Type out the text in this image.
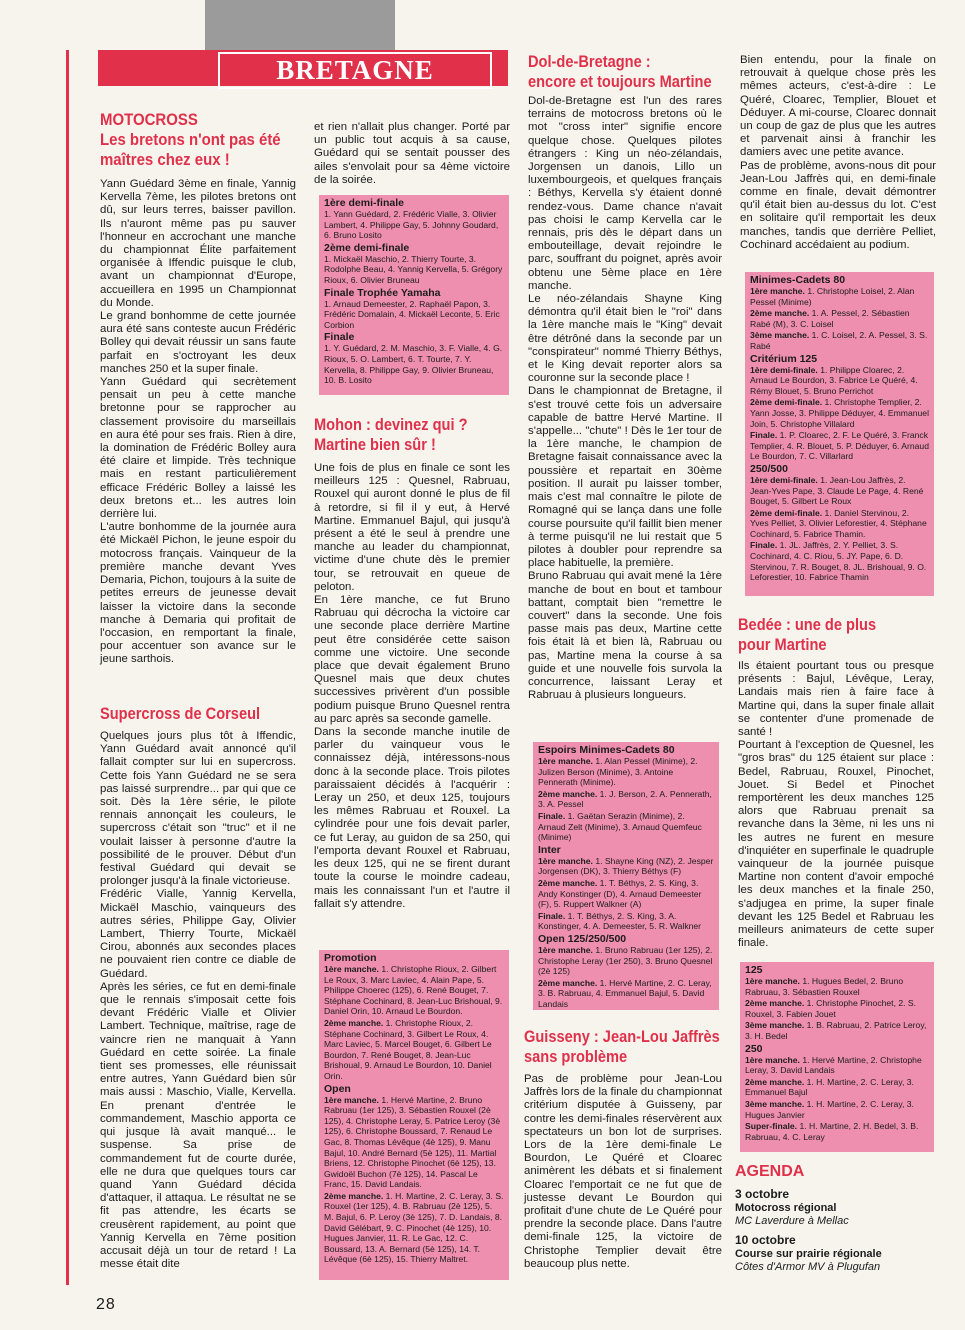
BRETAGNE
MOTOCROSS
Les bretons n'ont pas été maîtres chez eux !

Yann Guédard 3ème en finale, Yannig Kervella 7ème, les pilotes bretons ont dû, sur leurs terres, baisser pavillon. Ils n'auront même pas pu sauver l'honneur en accrochant une manche du championnat Élite parfaitement organisée à Iffendic puisque le club, avant un championnat d'Europe, accueillera en 1995 un Championnat du Monde.

Le grand bonhomme de cette journée aura été sans conteste aucun Frédéric Bolley qui devait réussir un sans faute parfait en s'octroyant les deux manches 250 et la super finale.

Yann Guédard qui secrètement pensait un peu à cette manche bretonne pour se rapprocher au classement provisoire du marseillais en aura été pour ses frais. Rien à dire, la domination de Frédéric Bolley aura été claire et limpide. Très technique mais en restant particulièrement efficace Frédéric Bolley a laissé les deux bretons et... les autres loin derrière lui.

L'autre bonhomme de la journée aura été Mickaël Pichon, le jeune espoir du motocross français. Vainqueur de la première manche devant Yves Demaria, Pichon, toujours à la suite de petites erreurs de jeunesse devait laisser la victoire dans la seconde manche à Demaria qui profitait de l'occasion, en remportant la finale, pour accentuer son avance sur le jeune sarthois.

Supercross de Corseul

Quelques jours plus tôt à Iffendic, Yann Guédard avait annoncé qu'il fallait compter sur lui en supercross. Cette fois Yann Guédard ne se sera pas laissé surprendre... par qui que ce soit. Dès la 1ère série, le pilote rennais annonçait les couleurs, le supercross c'était son "truc" et il ne voulait laisser à personne d'autre la possibilité de le prouver. Début d'un festival Guédard qui devait se prolonger jusqu'à la finale victorieuse.

Frédéric Vialle, Yannig Kervella, Mickaël Maschio, vainqueurs des autres séries, Philippe Gay, Olivier Lambert, Thierry Tourte, Mickaël Cirou, abonnés aux secondes places ne pouvaient rien contre ce diable de Guédard.

Après les séries, ce fut en demi-finale que le rennais s'imposait cette fois devant Frédéric Vialle et Olivier Lambert. Technique, maîtrise, rage de vaincre rien ne manquait à Yann Guédard en cette soirée. La finale tient ses promesses, elle réunissait entre autres, Yann Guédard bien sûr mais aussi : Maschio, Vialle, Kervella. En prenant d'entrée le commandement, Maschio apporta ce qui jusque là avait manqué... le suspense. Sa prise de commandement fut de courte durée, elle ne dura que quelques tours car quand Yann Guédard décida d'attaquer, il attaqua. Le résultat ne se fit pas attendre, les écarts se creusèrent rapidement, au point que Yannig Kervella en 7ème position accusait déjà un tour de retard ! La messe était dite

et rien n'allait plus changer. Porté par un public tout acquis à sa cause, Guédard qui se sentait pousser des ailes s'envolait pour sa 4ème victoire de la soirée.
1ère demi-finale
1. Yann Guédard, 2. Frédéric Vialle, 3. Olivier Lambert, 4. Philippe Gay, 5. Johnny Goudard, 6. Bruno Losito
2ème demi-finale
1. Mickaël Maschio, 2. Thierry Tourte, 3. Rodolphe Beau, 4. Yannig Kervella, 5. Grégory Rioux, 6. Olivier Bruneau
Finale Trophée Yamaha
1. Arnaud Demeester, 2. Raphaël Papon, 3. Frédéric Domalain, 4. Mickaël Leconte, 5. Eric Corbion
Finale
1. Y. Guédard, 2. M. Maschio, 3. F. Vialle, 4. G. Rioux, 5. O. Lambert, 6. T. Tourte, 7. Y. Kervella, 8. Philippe Gay, 9. Olivier Bruneau, 10. B. Losito
Mohon : devinez qui ?
Martine bien sûr !

Une fois de plus en finale ce sont les meilleurs 125 : Quesnel, Rabruau, Rouxel qui auront donné le plus de fil à retordre, si fil il y eut, à Hervé Martine. Emmanuel Bajul, qui jusqu'à présent a été le seul à prendre une manche au leader du championnat, victime d'une chute dès le premier tour, se retrouvait en queue de peloton.

En 1ère manche, ce fut Bruno Rabruau qui décrocha la victoire car une seconde place derrière Martine peut être considérée cette saison comme une victoire. Une seconde place que devait également Bruno Quesnel mais que deux chutes successives privèrent d'un possible podium puisque Bruno Quesnel rentra au parc après sa seconde gamelle.

Dans la seconde manche inutile de parler du vainqueur vous le connaissez déjà, intéressons-nous donc à la seconde place. Trois pilotes paraissaient décidés à l'acquérir : Leray un 250, et deux 125, toujours les mêmes Rabruau et Rouxel. La cylindrée pour une fois devait parler, ce fut Leray, au guidon de sa 250, qui l'emporta devant Rouxel et Rabruau, les deux 125, qui ne se firent durant toute la course le moindre cadeau, mais les connaissant l'un et l'autre il fallait s'y attendre.

Promotion
1ère manche. 1. Christophe Rioux, 2. Gilbert Le Roux, 3. Marc Laviec, 4. Alain Pape, 5. Philippe Choerec (125), 6. René Bouget, 7. Stéphane Cochinard, 8. Jean-Luc Brishoual, 9. Daniel Orin, 10. Arnaud Le Bourdon.
2ème manche. 1. Christophe Rioux, 2. Stéphane Cochinard, 3. Gilbert Le Roux, 4. Marc Laviec, 5. Marcel Bouget, 6. Gilbert Le Bourdon, 7. René Bouget, 8. Jean-Luc Brishoual, 9. Arnaud Le Bourdon, 10. Daniel Orin.
Open
1ère manche. 1. Hervé Martine, 2. Bruno Rabruau (1er 125), 3. Sébastien Rouxel (2è 125), 4. Christophe Leray, 5. Patrice Leroy (3è 125), 6. Christophe Boussard, 7. Renaud Le Gac, 8. Thomas Lévêque (4è 125), 9. Manu Bajul, 10. André Bernard (5è 125), 11. Martial Briens, 12. Christophe Pinochet (6è 125), 13. Gwidoël Buchon (7è 125), 14. Pascal Le Franc, 15. David Landais.
2ème manche. 1. H. Martine, 2. C. Leray, 3. S. Rouxel (1er 125), 4. B. Rabruau (2è 125), 5. M. Bajul, 6. P. Leroy (3è 125), 7. D. Landais, 8. David Gélébart, 9. C. Pinochet (4è 125), 10. Hugues Janvier, 11. R. Le Gac, 12. C. Boussard, 13. A. Bernard (5è 125), 14. T. Lévêque (6è 125), 15. Thierry Maltret.
Dol-de-Bretagne :
encore et toujours Martine

Dol-de-Bretagne est l'un des rares terrains de motocross bretons où le mot "cross inter" signifie encore quelque chose. Quelques pilotes étrangers : King un néo-zélandais, Jorgensen un danois, Lillo un luxembourgeois, et quelques français : Béthys, Kervella s'y étaient donné rendez-vous. Dame chance n'avait pas choisi le camp Kervella car le rennais, pris dès le départ dans un embouteillage, devait rejoindre le parc, souffrant du poignet, après avoir obtenu une 5ème place en 1ère manche.

Le néo-zélandais Shayne King démontra qu'il était bien le "roi" dans la 1ère manche mais le "King" devait être détrôné dans la seconde par un "conspirateur" nommé Thierry Béthys, et le King devait reporter alors sa couronne sur la seconde place !

Dans le championnat de Bretagne, il s'est trouvé cette fois un adversaire capable de battre Hervé Martine. Il s'appelle... "chute" ! Dès le 1er tour de la 1ère manche, le champion de Bretagne faisait connaissance avec la poussière et repartait en 30ème position. Il aurait pu laisser tomber, mais c'est mal connaître le pilote de Romagné qui se lança dans une folle course poursuite qu'il faillit bien mener à terme puisqu'il ne lui restait que 5 pilotes à doubler pour reprendre sa place habituelle, la première.

Bruno Rabruau qui avait mené la 1ère manche de bout en bout et tambour battant, comptait bien "remettre le couvert" dans la seconde. Une fois passe mais pas deux, Martine cette fois était là et bien là, Rabruau ou pas, Martine mena la course à sa guide et une nouvelle fois survola la concurrence, laissant Leray et Rabruau à plusieurs longueurs.

Espoirs Minimes-Cadets 80
1ère manche. 1. Alan Pessel (Minime), 2. Julizen Berson (Minime), 3. Antoine Pennerath (Minime).
2ème manche. 1. J. Berson, 2. A. Pennerath, 3. A. Pessel
Finale. 1. Gaëtan Serazin (Minime), 2. Arnaud Zelt (Minime), 3. Arnaud Quemfeuc (Minime)
Inter
1ère manche. 1. Shayne King (NZ), 2. Jesper Jorgensen (DK), 3. Thierry Béthys (F)
2ème manche. 1. T. Béthys, 2. S. King, 3. Andy Konstinger (D), 4. Arnaud Demeester (F), 5. Ruppert Walkner (A)
Finale. 1. T. Béthys, 2. S. King, 3. A. Konstinger, 4. A. Demeester, 5. R. Walkner
Open 125/250/500
1ère manche. 1. Bruno Rabruau (1er 125), 2. Christophe Leray (1er 250), 3. Bruno Quesnel (2è 125)
2ème manche. 1. Hervé Martine, 2. C. Leray, 3. B. Rabruau, 4. Emmanuel Bajul, 5. David Landais
Guisseny : Jean-Lou Jaffrès
sans problème

Pas de problème pour Jean-Lou Jaffrès lors de la finale du championnat critérium disputée à Guisseny, par contre les demi-finales réservèrent aux spectateurs un bon lot de surprises. Lors de la 1ère demi-finale Le Bourdon, Le Quéré et Cloarec animèrent les débats et si finalement Cloarec l'emportait ce ne fut que de justesse devant Le Bourdon qui profitait d'une chute de Le Quéré pour prendre la seconde place. Dans l'autre demi-finale 125, la victoire de Christophe Templier devait être beaucoup plus nette.

Bien entendu, pour la finale on retrouvait à quelque chose près les mêmes acteurs, c'est-à-dire : Le Quéré, Cloarec, Templier, Blouet et Déduyer. A mi-course, Cloarec donnait un coup de gaz de plus que les autres et parvenait ainsi à franchir les damiers avec une petite avance.

Pas de problème, avons-nous dit pour Jean-Lou Jaffrès qui, en demi-finale comme en finale, devait démontrer qu'il était bien au-dessus du lot. C'est en solitaire qu'il remportait les deux manches, tandis que derrière Pelliet, Cochinard accédaient au podium.

Minimes-Cadets 80
1ère manche. 1. Christophe Loisel, 2. Alan Pessel (Minime)
2ème manche. 1. A. Pessel, 2. Sébastien Rabé (M), 3. C. Loisel
3ème manche. 1. C. Loisel, 2. A. Pessel, 3. S. Rabé
Critérium 125
1ère demi-finale. 1. Philippe Cloarec, 2. Arnaud Le Bourdon, 3. Fabrice Le Quéré, 4. Rémy Blouet, 5. Bruno Perrichot
2ème demi-finale. 1. Christophe Templier, 2. Yann Josse, 3. Philippe Déduyer, 4. Emmanuel Join, 5. Christophe Villalard
Finale. 1. P. Cloarec, 2. F. Le Quéré, 3. Franck Templier, 4. R. Blouet, 5. P. Déduyer, 6. Arnaud Le Bourdon, 7. C. Villarlard
250/500
1ère demi-finale. 1. Jean-Lou Jaffrès, 2. Jean-Yves Pape, 3. Claude Le Page, 4. René Bouget, 5. Gilbert Le Roux
2ème demi-finale. 1. Daniel Stervinou, 2. Yves Pelliet, 3. Olivier Leforestier, 4. Stéphane Cochinard, 5. Fabrice Thamin.
Finale. 1. JL. Jaffrès, 2. Y. Pelliet, 3. S. Cochinard, 4. C. Riou, 5. JY. Pape, 6. D. Stervinou, 7. R. Bouget, 8. JL. Brishoual, 9. O. Leforestier, 10. Fabrice Thamin
Bedée : une de plus
pour Martine

Ils étaient pourtant tous ou presque présents : Bajul, Lévêque, Leray, Landais mais rien à faire face à Martine qui, dans la super finale allait se contenter d'une promenade de santé !

Pourtant à l'exception de Quesnel, les "gros bras" du 125 étaient sur place : Bedel, Rabruau, Rouxel, Pinochet, Jouet. Si Bedel et Pinochet remportèrent les deux manches 125 alors que Rabruau prenait sa revanche dans la 3ème, ni les uns ni les autres ne furent en mesure d'inquiéter en superfinale le quadruple vainqueur de la journée puisque Martine non content d'avoir empoché les deux manches et la finale 250, s'adjugea en prime, la super finale devant les 125 Bedel et Rabruau les meilleurs animateurs de cette super finale.

125
1ère manche. 1. Hugues Bedel, 2. Bruno Rabruau, 3. Sébastien Rouxel
2ème manche. 1. Christophe Pinochet, 2. S. Rouxel, 3. Fabien Jouet
3ème manche. 1. B. Rabruau, 2. Patrice Leroy, 3. H. Bedel
250
1ère manche. 1. Hervé Martine, 2. Christophe Leray, 3. David Landais
2ème manche. 1. H. Martine, 2. C. Leray, 3. Emmanuel Bajul
3ème manche. 1. H. Martine, 2. C. Leray, 3. Hugues Janvier
Super-finale. 1. H. Martine, 2. H. Bedel, 3. B. Rabruau, 4. C. Leray
AGENDA
3 octobre
Motocross régional
MC Laverdure à Mellac
10 octobre
Course sur prairie régionale
Côtes d'Armor MV à Plugufan
28
